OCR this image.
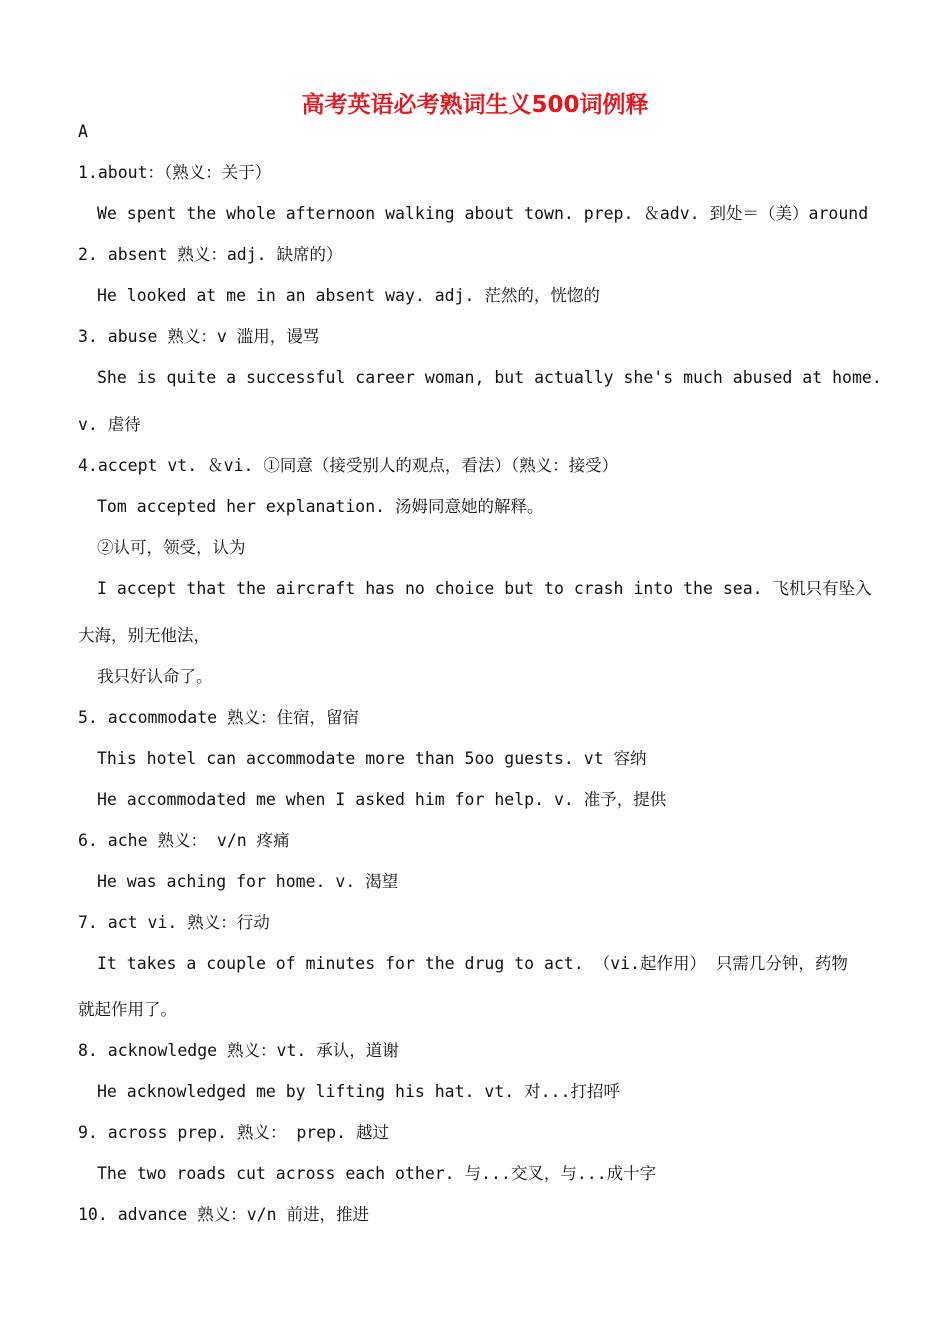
高考英语必考熟词生义500词例释
A
1.about：（熟义：关于）
We spent the whole afternoon walking about town. prep. ＆adv. 到处＝（美）around
2. absent 熟义：adj. 缺席的）
He looked at me in an absent way. adj. 茫然的，恍惚的
3. abuse 熟义：v 滥用，谩骂
She is quite a successful career woman, but actually she's much abused at home.
v. 虐待
4.accept vt. ＆vi. ①同意（接受别人的观点，看法）（熟义：接受）
Tom accepted her explanation. 汤姆同意她的解释。
②认可，领受，认为
I accept that the aircraft has no choice but to crash into the sea. 飞机只有坠入
大海，别无他法，
我只好认命了。
5. accommodate 熟义：住宿，留宿
This hotel can accommodate more than 5oo guests. vt 容纳
He accommodated me when I asked him for help. v. 准予，提供
6. ache 熟义： v/n 疼痛
He was aching for home. v. 渴望
7. act vi. 熟义：行动
It takes a couple of minutes for the drug to act. （vi.起作用） 只需几分钟，药物
就起作用了。
8. acknowledge 熟义：vt. 承认，道谢
He acknowledged me by lifting his hat. vt. 对...打招呼
9. across prep. 熟义： prep. 越过
The two roads cut across each other. 与...交叉，与...成十字
10. advance 熟义：v/n 前进，推进
